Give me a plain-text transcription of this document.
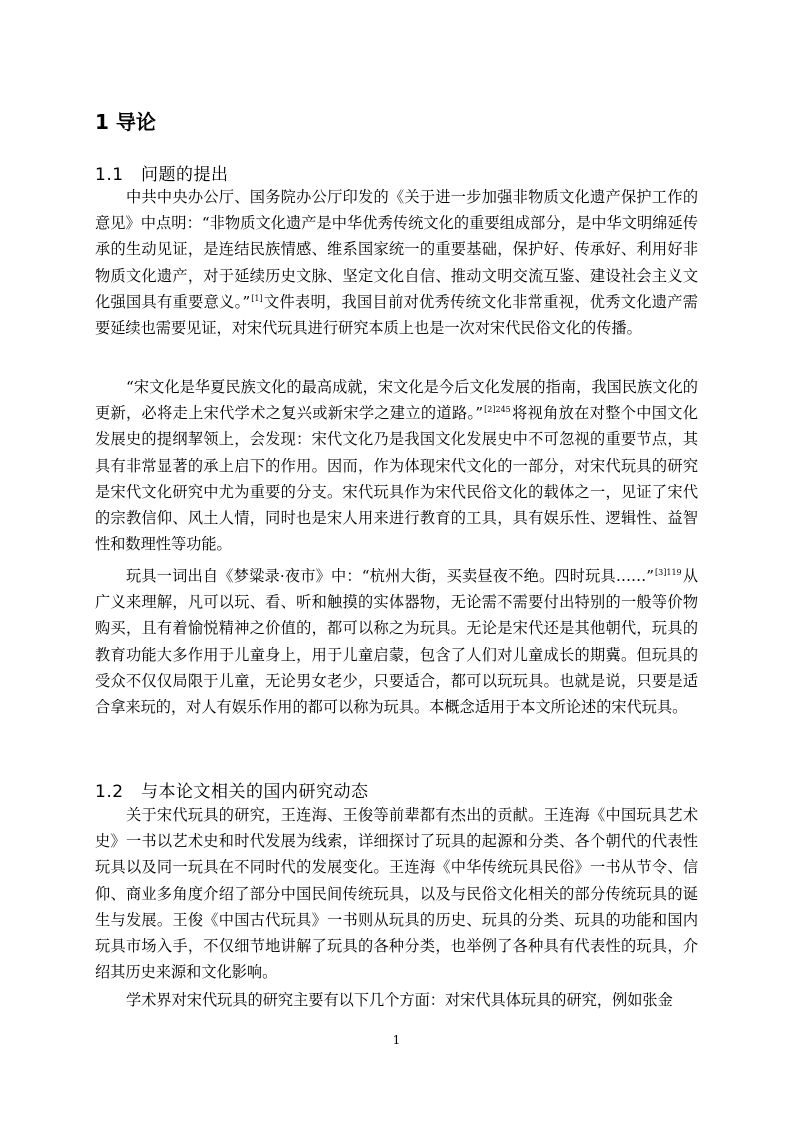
1 导论
1.1 问题的提出

中共中央办公厅、国务院办公厅印发的《关于进一步加强非物质文化遗产保护工作的意见》中点明：“非物质文化遗产是中华优秀传统文化的重要组成部分，是中华文明绵延传承的生动见证，是连结民族情感、维系国家统一的重要基础，保护好、传承好、利用好非物质文化遗产，对于延续历史文脉、坚定文化自信、推动文明交流互鉴、建设社会主义文化强国具有重要意义。”[1]文件表明，我国目前对优秀传统文化非常重视，优秀文化遗产需要延续也需要见证，对宋代玩具进行研究本质上也是一次对宋代民俗文化的传播。

“宋文化是华夏民族文化的最高成就，宋文化是今后文化发展的指南，我国民族文化的更新，必将走上宋代学术之复兴或新宋学之建立的道路。”$^{[2]245}$将视角放在对整个中国文化发展史的提纲挈领上，会发现：宋代文化乃是我国文化发展史中不可忽视的重要节点，其具有非常显著的承上启下的作用。因而，作为体现宋代文化的一部分，对宋代玩具的研究是宋代文化研究中尤为重要的分支。宋代玩具作为宋代民俗文化的载体之一，见证了宋代的宗教信仰、风土人情，同时也是宋人用来进行教育的工具，具有娱乐性、逻辑性、益智性和数理性等功能。

玩具一词出自《梦粱录·夜市》中：“杭州大街，买卖昼夜不绝。四时玩具……”$^{[3]119}$从广义来理解，凡可以玩、看、听和触摸的实体器物，无论需不需要付出特别的一般等价物购买，且有着愉悦精神之价值的，都可以称之为玩具。无论是宋代还是其他朝代，玩具的教育功能大多作用于儿童身上，用于儿童启蒙，包含了人们对儿童成长的期冀。但玩具的受众不仅仅局限于儿童，无论男女老少，只要适合，都可以玩玩具。也就是说，只要是适合拿来玩的，对人有娱乐作用的都可以称为玩具。本概念适用于本文所论述的宋代玩具。

1.2 与本论文相关的国内研究动态

关于宋代玩具的研究，王连海、王俊等前辈都有杰出的贡献。王连海《中国玩具艺术史》一书以艺术史和时代发展为线索，详细探讨了玩具的起源和分类、各个朝代的代表性玩具以及同一玩具在不同时代的发展变化。王连海《中华传统玩具民俗》一书从节令、信仰、商业多角度介绍了部分中国民间传统玩具，以及与民俗文化相关的部分传统玩具的诞生与发展。王俊《中国古代玩具》一书则从玩具的历史、玩具的分类、玩具的功能和国内玩具市场入手，不仅细节地讲解了玩具的各种分类，也举例了各种具有代表性的玩具，介绍其历史来源和文化影响。

学术界对宋代玩具的研究主要有以下几个方面：对宋代具体玩具的研究，例如张金

1
